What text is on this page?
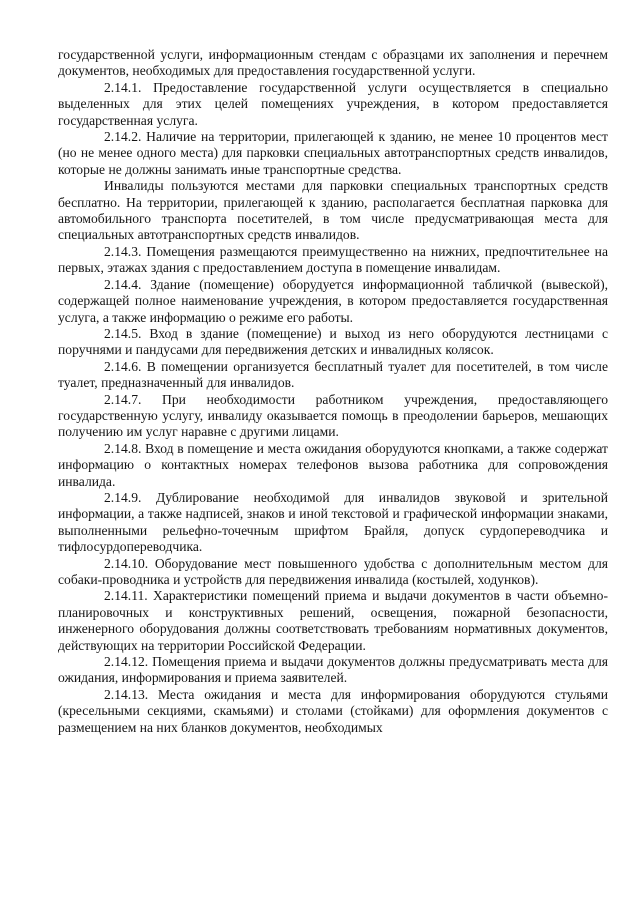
государственной услуги, информационным стендам с образцами их заполнения и перечнем документов, необходимых для предоставления государственной услуги.

2.14.1. Предоставление государственной услуги осуществляется в специально выделенных для этих целей помещениях учреждения, в котором предоставляется государственная услуга.

2.14.2. Наличие на территории, прилегающей к зданию, не менее 10 процентов мест (но не менее одного места) для парковки специальных автотранспортных средств инвалидов, которые не должны занимать иные транспортные средства.

Инвалиды пользуются местами для парковки специальных транспортных средств бесплатно. На территории, прилегающей к зданию, располагается бесплатная парковка для автомобильного транспорта посетителей, в том числе предусматривающая места для специальных автотранспортных средств инвалидов.

2.14.3. Помещения размещаются преимущественно на нижних, предпочтительнее на первых, этажах здания с предоставлением доступа в помещение инвалидам.

2.14.4. Здание (помещение) оборудуется информационной табличкой (вывеской), содержащей полное наименование учреждения, в котором предоставляется государственная услуга, а также информацию о режиме его работы.

2.14.5. Вход в здание (помещение) и выход из него оборудуются лестницами с поручнями и пандусами для передвижения детских и инвалидных колясок.

2.14.6. В помещении организуется бесплатный туалет для посетителей, в том числе туалет, предназначенный для инвалидов.

2.14.7. При необходимости работником учреждения, предоставляющего государственную услугу, инвалиду оказывается помощь в преодолении барьеров, мешающих получению им услуг наравне с другими лицами.

2.14.8. Вход в помещение и места ожидания оборудуются кнопками, а также содержат информацию о контактных номерах телефонов вызова работника для сопровождения инвалида.

2.14.9. Дублирование необходимой для инвалидов звуковой и зрительной информации, а также надписей, знаков и иной текстовой и графической информации знаками, выполненными рельефно-точечным шрифтом Брайля, допуск сурдопереводчика и тифлосурдопереводчика.

2.14.10. Оборудование мест повышенного удобства с дополнительным местом для собаки-проводника и устройств для передвижения инвалида (костылей, ходунков).

2.14.11. Характеристики помещений приема и выдачи документов в части объемно-планировочных и конструктивных решений, освещения, пожарной безопасности, инженерного оборудования должны соответствовать требованиям нормативных документов, действующих на территории Российской Федерации.

2.14.12. Помещения приема и выдачи документов должны предусматривать места для ожидания, информирования и приема заявителей.

2.14.13. Места ожидания и места для информирования оборудуются стульями (кресельными секциями, скамьями) и столами (стойками) для оформления документов с размещением на них бланков документов, необходимых
